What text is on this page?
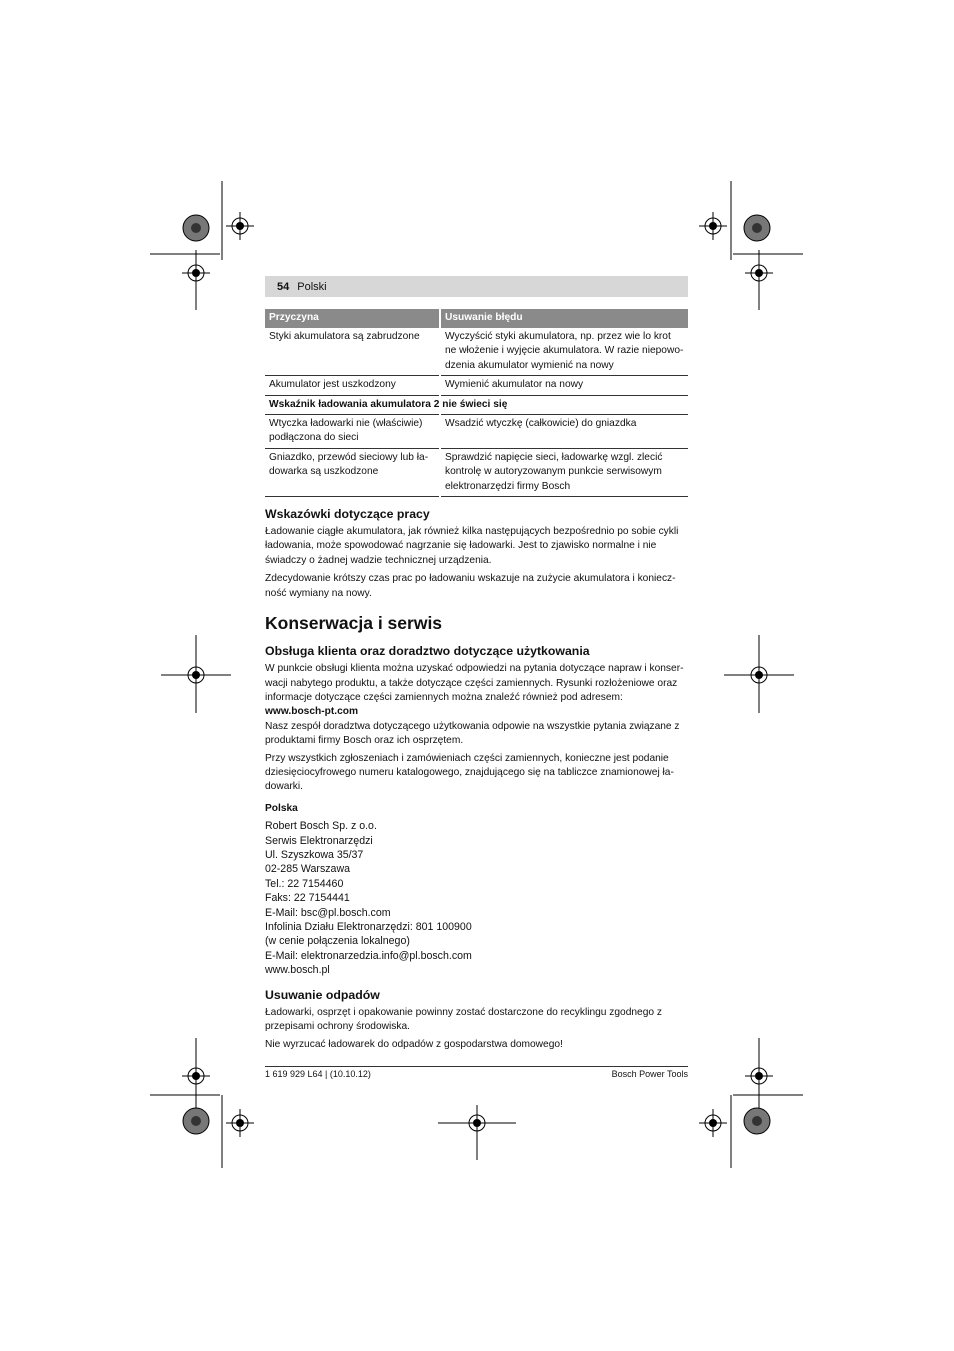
54 Polski
Przyczyna	Usuwanie błędu
Styki akumulatora są zabrudzone	Wyczyścić styki akumulatora, np. przez wie lo krot ne włożenie i wyjęcie akumulatora. W razie niepowo-dzenia akumulator wymienić na nowy
Akumulator jest uszkodzony	Wymienić akumulator na nowy
Wskaźnik ładowania akumulatora 2 nie świeci się	
Wtyczka ładowarki nie (właściwie) podłączona do sieci	Wsadzić wtyczkę (całkowicie) do gniazdka
Gniazdko, przewód sieciowy lub ła-dowarka są uszkodzone	Sprawdzić napięcie sieci, ładowarkę wzgl. zlecić kontrolę w autoryzowanym punkcie serwisowym elektronarzędzi firmy Bosch
Wskazówki dotyczące pracy

Ładowanie ciągłe akumulatora, jak również kilka następujących bezpośrednio po sobie cykli ładowania, może spowodować nagrzanie się ładowarki. Jest to zjawisko normalne i nie świadczy o żadnej wadzie technicznej urządzenia.

Zdecydowanie krótszy czas prac po ładowaniu wskazuje na zużycie akumulatora i koniecz-ność wymiany na nowy.

Konserwacja i serwis
Obsługa klienta oraz doradztwo dotyczące użytkowania

W punkcie obsługi klienta można uzyskać odpowiedzi na pytania dotyczące napraw i konser-wacji nabytego produktu, a także dotyczące części zamiennych. Rysunki rozłożeniowe oraz informacje dotyczące części zamiennych można znaleźć również pod adresem:

www.bosch-pt.com

Nasz zespół doradztwa dotyczącego użytkowania odpowie na wszystkie pytania związane z produktami firmy Bosch oraz ich osprzętem.

Przy wszystkich zgłoszeniach i zamówieniach części zamiennych, konieczne jest podanie dziesięciocyfrowego numeru katalogowego, znajdującego się na tabliczce znamionowej ła-dowarki.

Polska

Robert Bosch Sp. z o.o.
Serwis Elektronarzędzi
Ul. Szyszkowa 35/37
02-285 Warszawa
Tel.: 22 7154460
Faks: 22 7154441
E-Mail: bsc@pl.bosch.com
Infolinia Działu Elektronarzędzi: 801 100900
(w cenie połączenia lokalnego)
E-Mail: elektronarzedzia.info@pl.bosch.com
www.bosch.pl
Usuwanie odpadów

Ładowarki, osprzęt i opakowanie powinny zostać dostarczone do recyklingu zgodnego z przepisami ochrony środowiska.

Nie wyrzucać ładowarek do odpadów z gospodarstwa domowego!

1 619 929 L64 | (10.10.12)	Bosch Power Tools
